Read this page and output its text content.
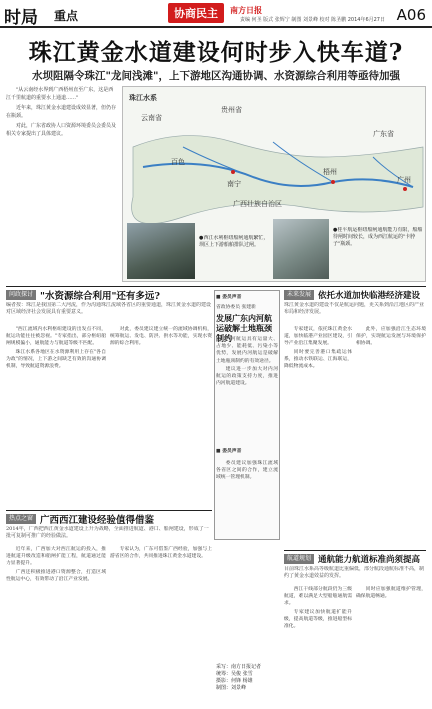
时局 重点	协商民主	南方日报
责编 何圣 版式 张辉宁 制图 刘景峰 校对 陈圣鹏 2014年6月27日 A06
珠江黄金水道建设何时步入快车道?
水坝阻隔令珠江"龙间浅滩"，上下游地区沟通协调、水资源综合利用等亟待加强

"从云南经水界到广西梧州直至广东，这是西江千里航道的重要水上通道……"

近年来，珠江黄金水道建设成效显著，但仍存在瓶颈。

对此，广东省政协人口资源环境委员会委员及相关专家提出了具体建议。

云南省
贵州省
广西壮族自治区
广东省
百色
南宁
梧州
广州
珠江水系
●西江水利枢纽船闸通航繁忙，坝区上下游船舶排队过闸。
●桂平航运枢纽船闸通航能力有限，船舶待闸时间较长，成为西江航运的"卡脖子"瓶颈。
问政探讨 "水资源综合利用"还有多远?
编者按：珠江是我国第二大河流，作为沟通珠江流域各省区的重要通道，珠江黄金水道的建设对区域经济社会发展具有重要意义。

"西江流域内水利枢纽建设的出发点不同，航运功能往往被忽视。"专家指出，部分枢纽船闸规模偏小，通航能力与航道等级不匹配。

珠江水系各地区在水资源利用上存在"各自为政"的情况，上下游之间缺乏有效的沟通协调机制，导致航道资源浪费。

对此，委员建议建立统一的流域协调机构，统筹航运、发电、防洪、供水等功能，实现水资源的综合利用。

■ 委员声音
省政协委员 张建新
发展广东内河航运破解土地瓶颈制约

内河航运具有运量大、占地少、能耗低、污染小等优势，发展内河航运是破解土地瓶颈制约的有效途径。

建议进一步加大对内河航运的政策支持力度，推进内河航道建设。

■ 委员声音

委员建议加强珠江流域各省区之间的合作，建立流域统一管理机制。

未来发展 依托水道加快临港经济建设
珠江黄金水道的建设不仅是航运问题，更关系到沿江地区的产业布局和经济发展。

专家建议，依托珠江黄金水道，加快临港产业园区建设，引导产业沿江集聚发展。

同时要完善港口集疏运体系，推动水铁联运、江海联运，降低物流成本。

此外，应加强沿江生态环境保护，实现航运发展与环境保护相协调。

热点之窗 广西西江建设经验值得借鉴
2014年，广西把西江黄金水道建设上升为战略，全面推进航道、港口、船闸建设，形成了一批可复制可推广的经验做法。

近年来，广西加大对西江航运的投入，推进航道升级改造和船闸扩能工程，航道通过能力显著提升。

广西还积极推进港口资源整合，打造区域性航运中心，有效带动了沿江产业发展。

专家认为，广东可借鉴广西经验，加强与上游省区的合作，共同推进珠江黄金水道建设。

采写：南方日报记者
统筹：吴俊 张雪
摄影：何锋 杨雄
制图：刘景峰
航道规划 通航能力航道标准尚须提高
目前珠江水系高等级航道比重偏低，部分航段通航标准不高，制约了黄金水道效益的发挥。

西江干线部分航段仍为三级航道，难以满足大型船舶通航需求。

专家建议加快航道扩能升级，提高航道等级，推进船型标准化。

同时应加强航道维护管理，确保航道畅通。
